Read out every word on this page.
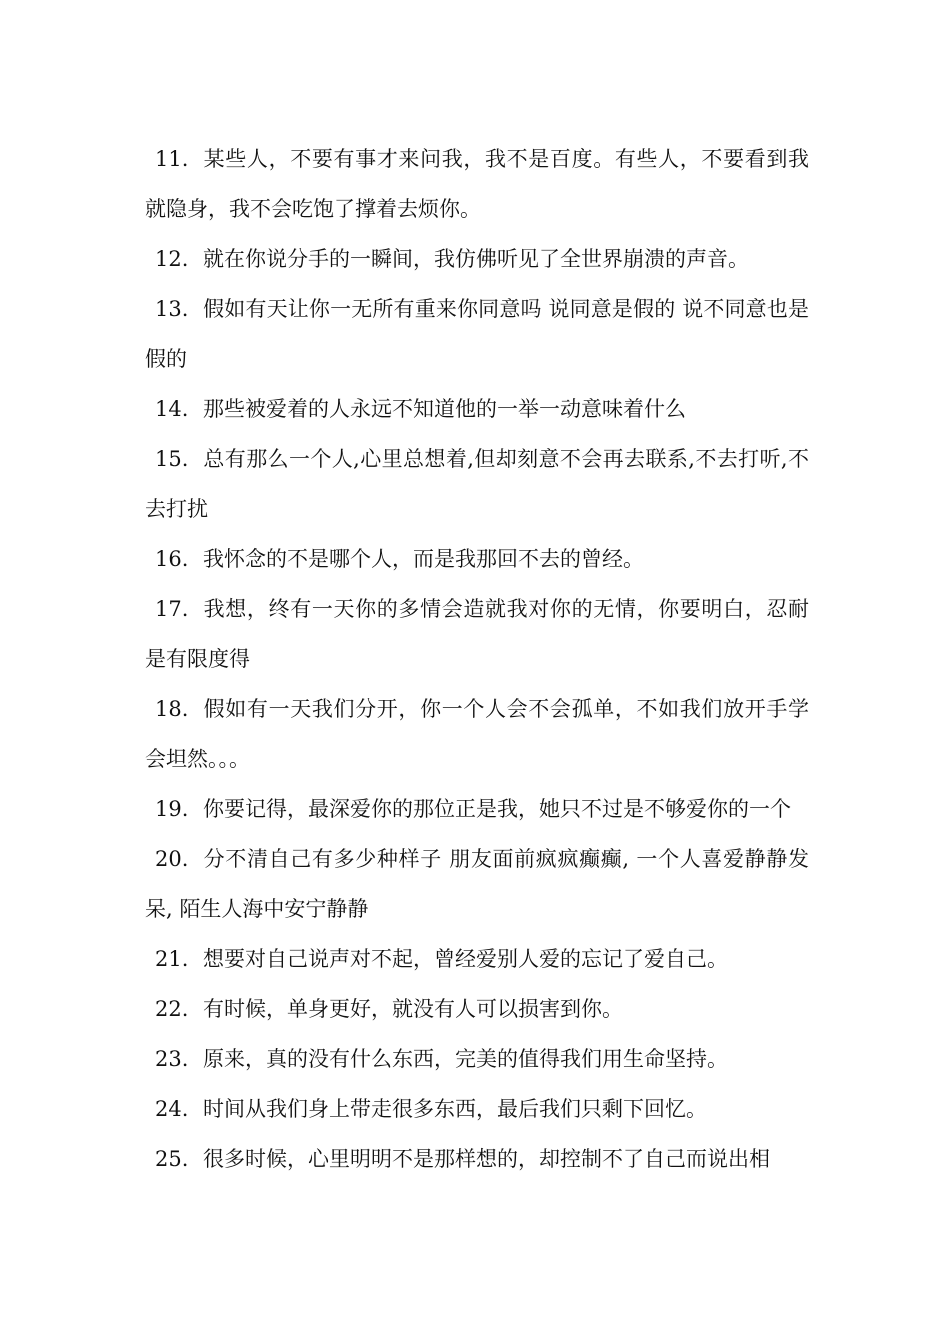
11. 某些人，不要有事才来问我，我不是百度。有些人，不要看到我就隐身，我不会吃饱了撑着去烦你。

12. 就在你说分手的一瞬间，我仿佛听见了全世界崩溃的声音。

13. 假如有天让你一无所有重来你同意吗 说同意是假的 说不同意也是假的

14. 那些被爱着的人永远不知道他的一举一动意味着什么

15. 总有那么一个人,心里总想着,但却刻意不会再去联系,不去打听,不去打扰

16. 我怀念的不是哪个人，而是我那回不去的曾经。

17. 我想，终有一天你的多情会造就我对你的无情，你要明白，忍耐是有限度得

18. 假如有一天我们分开，你一个人会不会孤单，不如我们放开手学会坦然。。。

19. 你要记得，最深爱你的那位正是我，她只不过是不够爱你的一个

20. 分不清自己有多少种样子 朋友面前疯疯癫癫, 一个人喜爱静静发呆, 陌生人海中安宁静静

21. 想要对自己说声对不起，曾经爱别人爱的忘记了爱自己。

22. 有时候，单身更好，就没有人可以损害到你。

23. 原来，真的没有什么东西，完美的值得我们用生命坚持。

24. 时间从我们身上带走很多东西，最后我们只剩下回忆。

25. 很多时候，心里明明不是那样想的，却控制不了自己而说出相
